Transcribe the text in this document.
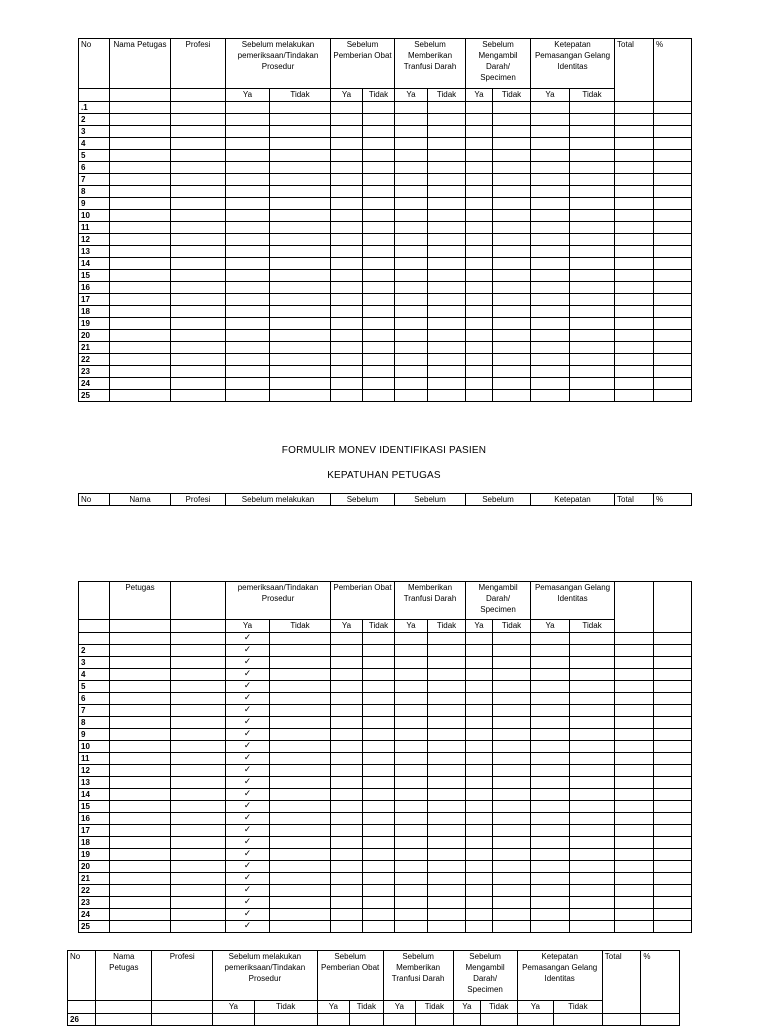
No	Nama Petugas	Profesi	Sebelum melakukan pemeriksaan/Tindakan Prosedur		Sebelum Pemberian Obat		Sebelum Memberikan Tranfusi Darah		Sebelum Mengambil Darah/ Specimen		Ketepatan Pemasangan Gelang Identitas		Total	%
			Ya	Tidak	Ya	Tidak	Ya	Tidak	Ya	Tidak	Ya	Tidak		
.1														
2														
3														
4														
5														
6														
7														
8														
9														
10														
11														
12														
13														
14														
15														
16														
17														
18														
19														
20														
21														
22														
23														
24														
25														
FORMULIR MONEV IDENTIFIKASI PASIEN
KEPATUHAN PETUGAS
No	Nama	Profesi	Sebelum melakukan	Sebelum	Sebelum	Sebelum	Ketepatan	Total	%
	Petugas		pemeriksaan/Tindakan Prosedur		Pemberian Obat		Memberikan Tranfusi Darah		Mengambil Darah/ Specimen		Pemasangan Gelang Identitas			
			Ya	Tidak	Ya	Tidak	Ya	Tidak	Ya	Tidak	Ya	Tidak		
			✓											
2			✓											
3			✓											
4			✓											
5			✓											
6			✓											
7			✓											
8			✓											
9			✓											
10			✓											
11			✓											
12			✓											
13			✓											
14			✓											
15			✓											
16			✓											
17			✓											
18			✓											
19			✓											
20			✓											
21			✓											
22			✓											
23			✓											
24			✓											
25			✓											
No	Nama Petugas	Profesi	Sebelum melakukan pemeriksaan/Tindakan Prosedur		Sebelum Pemberian Obat		Sebelum Memberikan Tranfusi Darah		Sebelum Mengambil Darah/ Specimen		Ketepatan Pemasangan Gelang Identitas		Total	%
			Ya	Tidak	Ya	Tidak	Ya	Tidak	Ya	Tidak	Ya	Tidak		
26														
